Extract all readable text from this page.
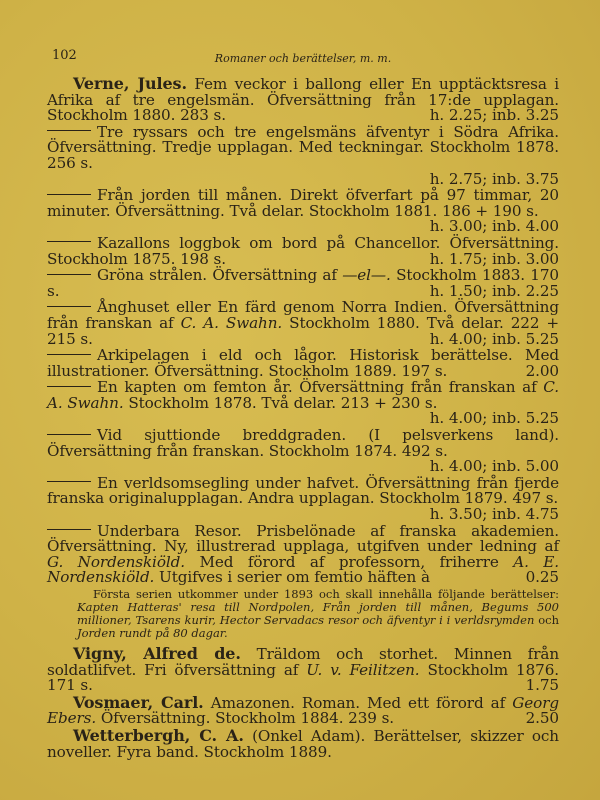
102	Romaner och berättelser, m. m.
Verne, Jules. Fem veckor i ballong eller En upptäcktsresa i Afrika af tre engelsmän. Öfversättning från 17:de upplagan. Stockholm 1880. 283 s.	h. 2.25; inb. 3.25
Tre ryssars och tre engelsmäns äfventyr i Södra Afrika. Öfversättning. Tredje upplagan. Med teckningar. Stockholm 1878. 256 s.
h. 2.75; inb. 3.75
Från jorden till månen. Direkt öfverfart på 97 timmar, 20 minuter. Öfversättning. Två delar. Stockholm 1881. 186 + 190 s.
h. 3.00; inb. 4.00
Kazallons loggbok om bord på Chancellor. Öfversättning. Stockholm 1875. 198 s.	h. 1.75; inb. 3.00
Gröna strålen. Öfversättning af —el—. Stockholm 1883. 170 s.	h. 1.50; inb. 2.25
Ånghuset eller En färd genom Norra Indien. Öfversättning från franskan af C. A. Swahn. Stockholm 1880. Två delar. 222 + 215 s.	h. 4.00; inb. 5.25
Arkipelagen i eld och lågor. Historisk berättelse. Med illustrationer. Öfversättning. Stockholm 1889. 197 s.	2.00
En kapten om femton år. Öfversättning från franskan af C. A. Swahn. Stockholm 1878. Två delar. 213 + 230 s.
h. 4.00; inb. 5.25
Vid sjuttionde breddgraden. (I pelsverkens land). Öfversättning från franskan. Stockholm 1874. 492 s.
h. 4.00; inb. 5.00
En verldsomsegling under hafvet. Öfversättning från fjerde franska originalupplagan. Andra upplagan. Stockholm 1879. 497 s.
h. 3.50; inb. 4.75
Underbara Resor. Prisbelönade af franska akademien. Öfversättning. Ny, illustrerad upplaga, utgifven under ledning af G. Nordenskiöld. Med förord af professorn, friherre A. E. Nordenskiöld. Utgifves i serier om femtio häften à	0.25
Första serien utkommer under 1893 och skall innehålla följande berättelser: Kapten Hatteras' resa till Nordpolen, Från jorden till månen, Begums 500 millioner, Tsarens kurir, Hector Servadacs resor och äfventyr i i verldsrymden och Jorden rundt på 80 dagar.
Vigny, Alfred de. Träldom och storhet. Minnen från soldatlifvet. Fri öfversättning af U. v. Feilitzen. Stockholm 1876. 171 s.	1.75
Vosmaer, Carl. Amazonen. Roman. Med ett förord af Georg Ebers. Öfversättning. Stockholm 1884. 239 s.	2.50
Wetterbergh, C. A. (Onkel Adam). Berättelser, skizzer och noveller. Fyra band. Stockholm 1889.
